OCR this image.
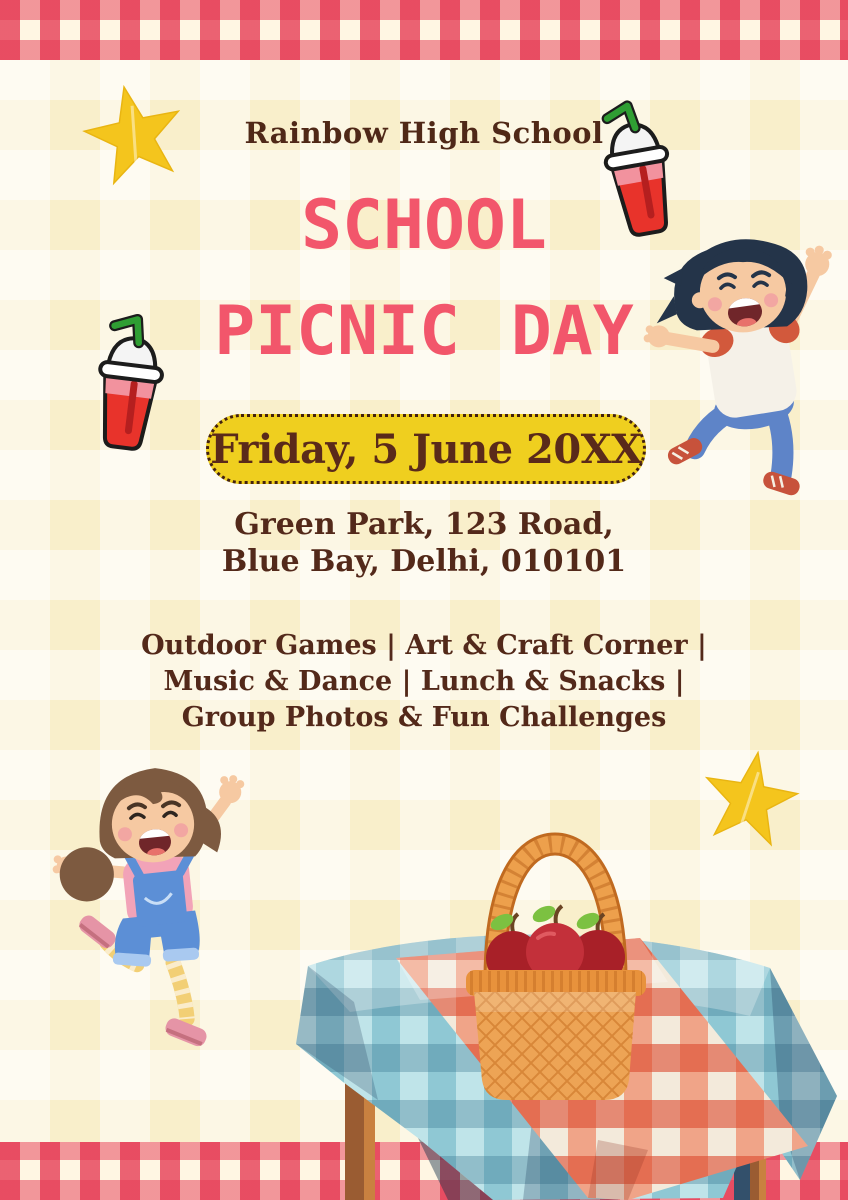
Rainbow High School
SCHOOL
PICNIC DAY
Friday, 5 June 20XX
Green Park, 123 Road,
Blue Bay, Delhi, 010101
Outdoor Games | Art & Craft Corner | Music & Dance | Lunch & Snacks | Group Photos & Fun Challenges
